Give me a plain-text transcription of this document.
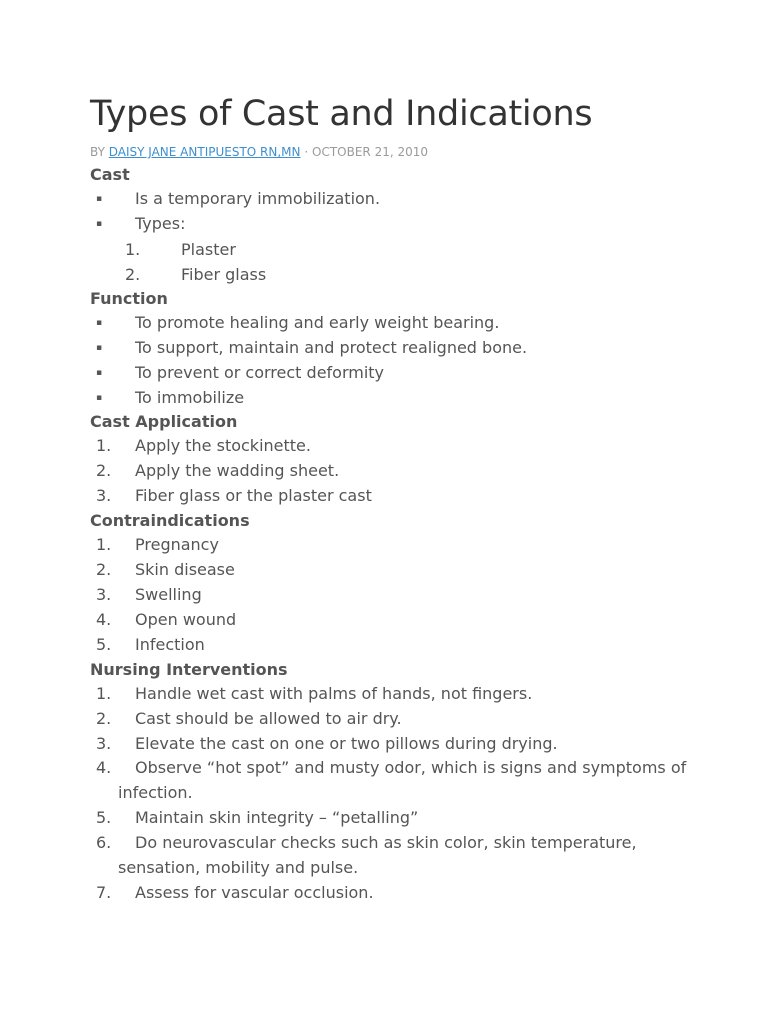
Types of Cast and Indications
BY DAISY JANE ANTIPUESTO RN,MN · OCTOBER 21, 2010
Cast
▪ Is a temporary immobilization.
▪ Types:
1.	Plaster
2.	Fiber glass
Function
▪ To promote healing and early weight bearing.
▪ To support, maintain and protect realigned bone.
▪ To prevent or correct deformity
▪ To immobilize
Cast Application
1. Apply the stockinette.
2. Apply the wadding sheet.
3. Fiber glass or the plaster cast
Contraindications
1. Pregnancy
2. Skin disease
3. Swelling
4. Open wound
5. Infection
Nursing Interventions
1. Handle wet cast with palms of hands, not fingers.
2. Cast should be allowed to air dry.
3. Elevate the cast on one or two pillows during drying.
4. Observe “hot spot” and musty odor, which is signs and symptoms of infection.
5. Maintain skin integrity – “petalling”
6. Do neurovascular checks such as skin color, skin temperature, sensation, mobility and pulse.
7. Assess for vascular occlusion.
